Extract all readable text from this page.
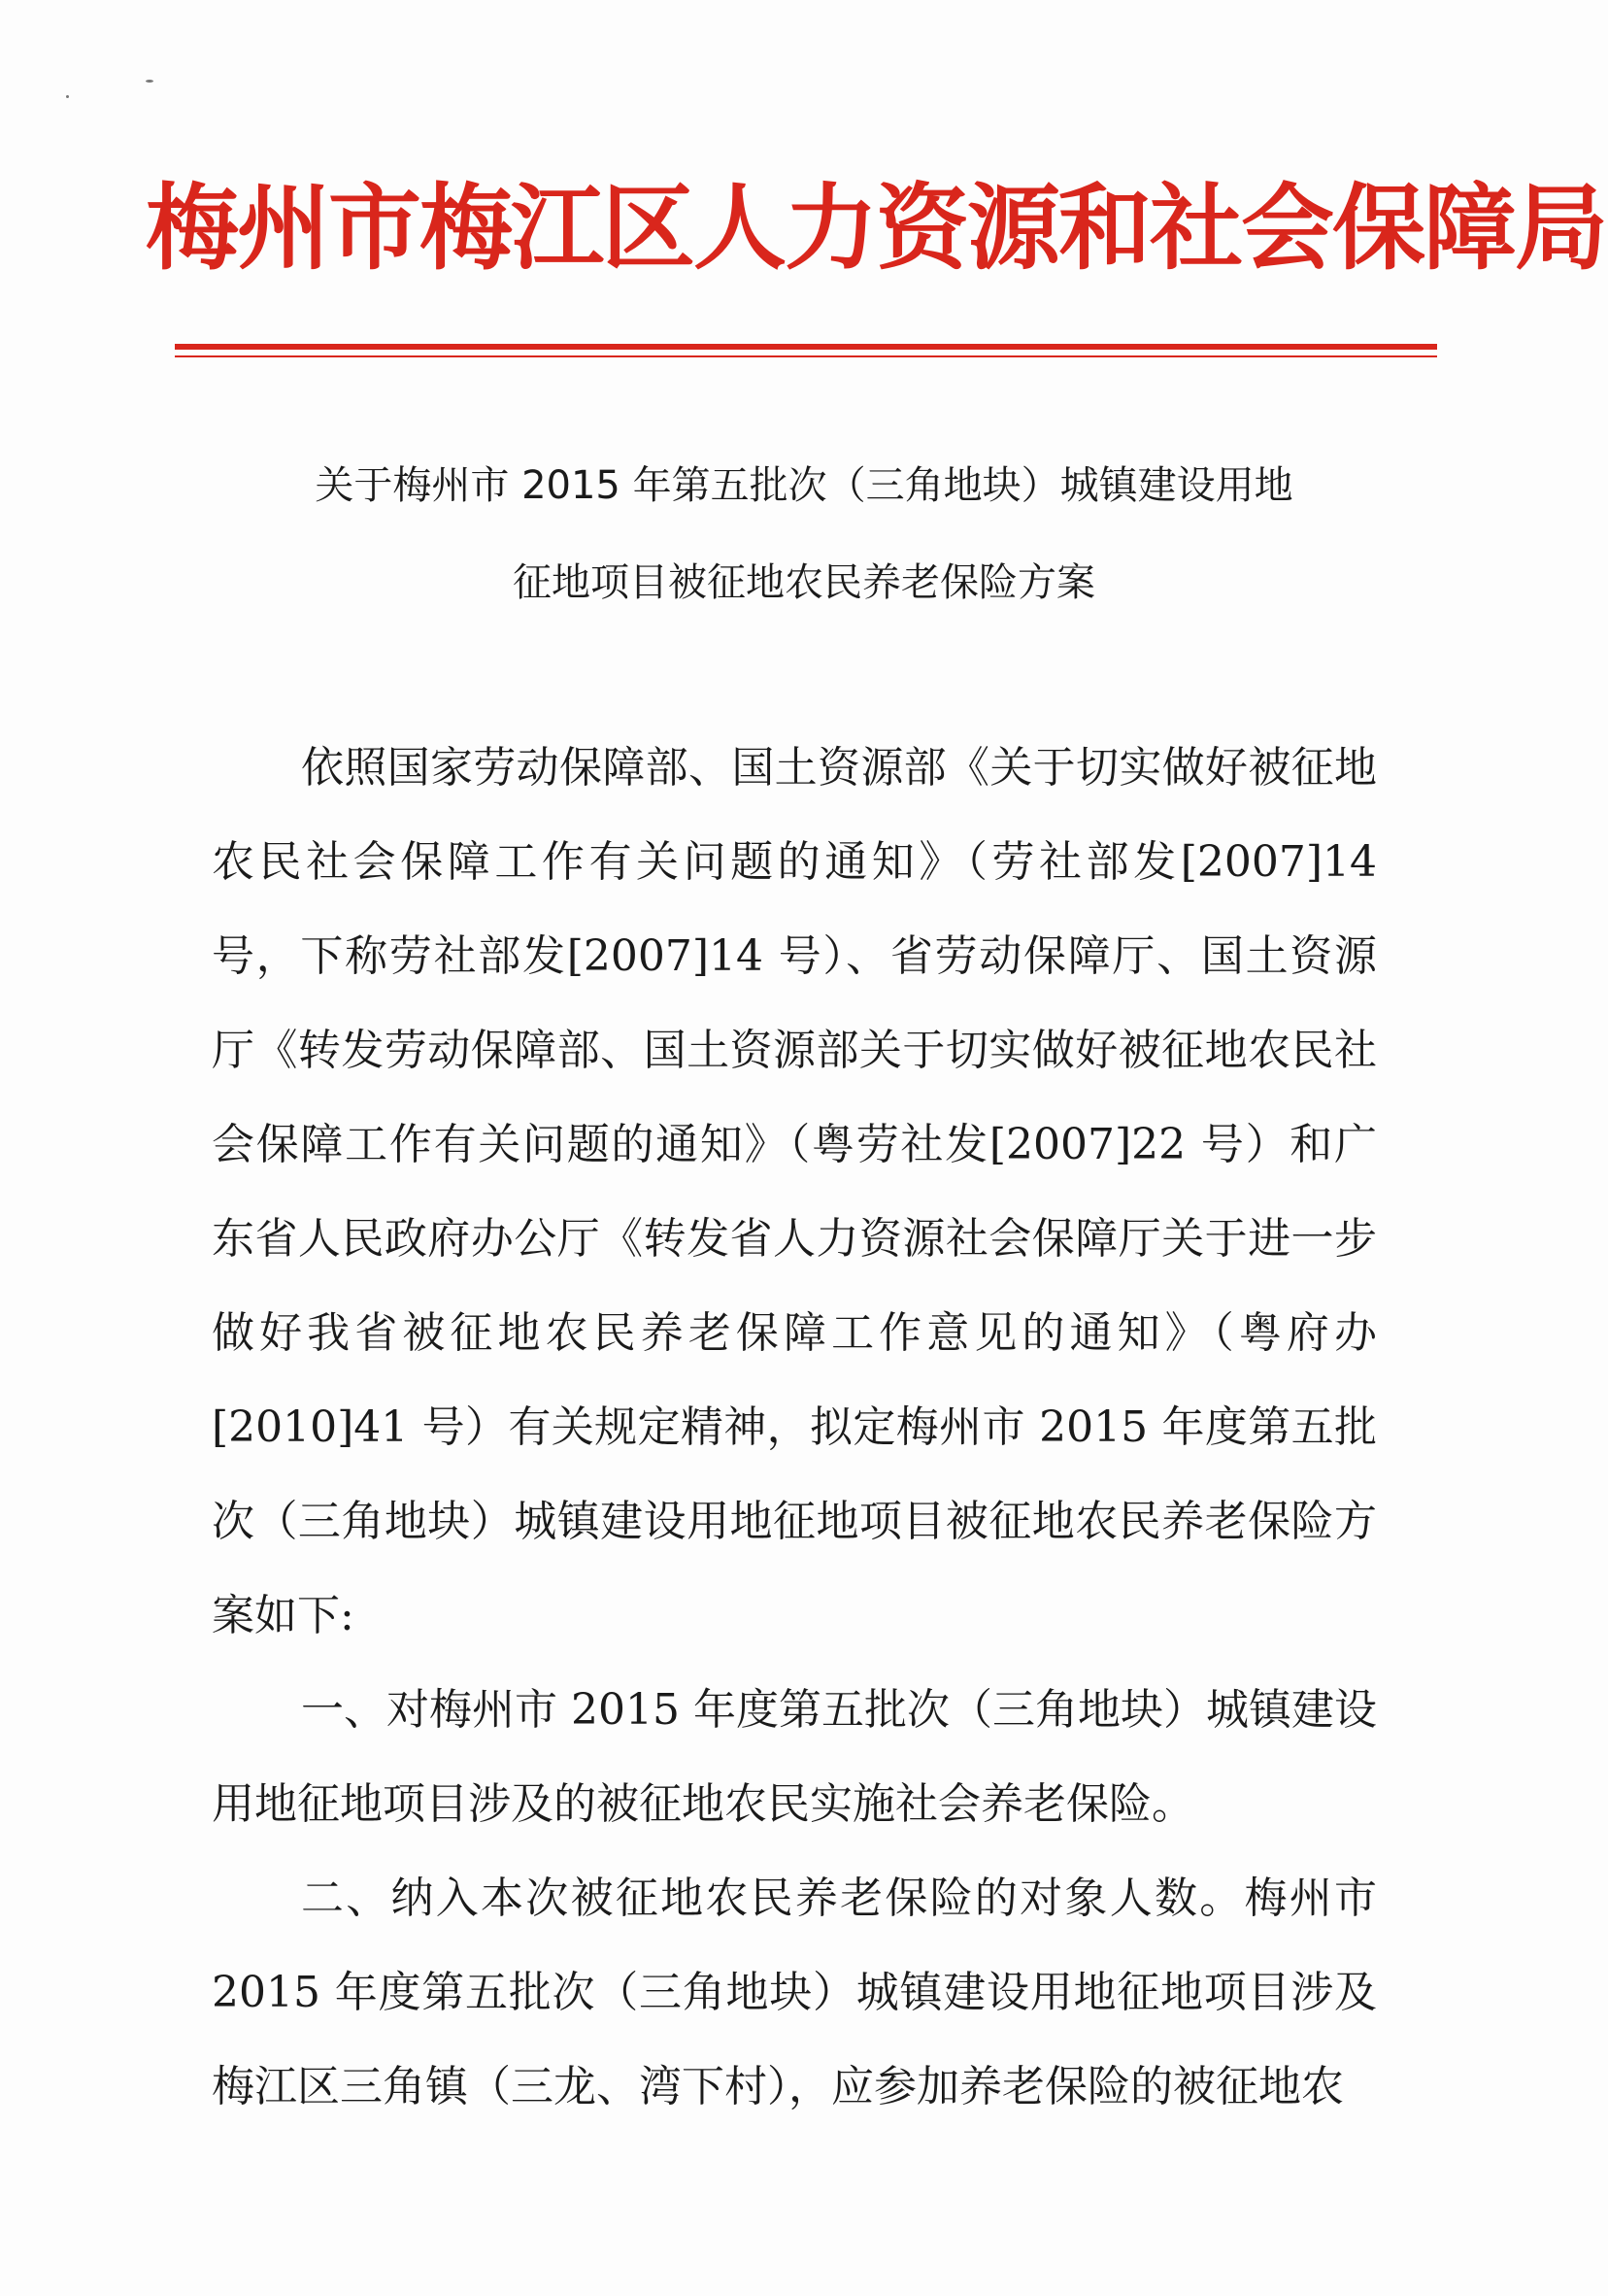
梅州市梅江区人力资源和社会保障局
关于梅州市 2015 年第五批次（三角地块）城镇建设用地
征地项目被征地农民养老保险方案

依照国家劳动保障部、国土资源部《关于切实做好被征地农民社会保障工作有关问题的通知》（劳社部发[2007]14 号，下称劳社部发[2007]14 号）、省劳动保障厅、国土资源厅《转发劳动保障部、国土资源部关于切实做好被征地农民社会保障工作有关问题的通知》（粤劳社发[2007]22 号）和广东省人民政府办公厅《转发省人力资源社会保障厅关于进一步做好我省被征地农民养老保障工作意见的通知》（粤府办[2010]41 号）有关规定精神，拟定梅州市 2015 年度第五批次（三角地块）城镇建设用地征地项目被征地农民养老保险方案如下:

一、对梅州市 2015 年度第五批次（三角地块）城镇建设用地征地项目涉及的被征地农民实施社会养老保险。

二、纳入本次被征地农民养老保险的对象人数。梅州市 2015 年度第五批次（三角地块）城镇建设用地征地项目涉及梅江区三角镇（三龙、湾下村），应参加养老保险的被征地农
